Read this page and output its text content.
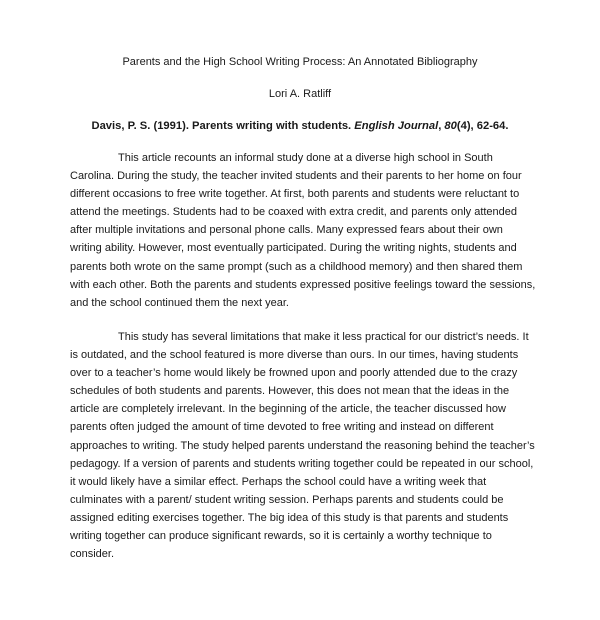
Parents and the High School Writing Process: An Annotated Bibliography
Lori A. Ratliff
Davis, P. S. (1991). Parents writing with students. English Journal, 80(4), 62-64.

This article recounts an informal study done at a diverse high school in South
Carolina. During the study, the teacher invited students and their parents to her home on four
different occasions to free write together. At first, both parents and students were reluctant to
attend the meetings. Students had to be coaxed with extra credit, and parents only attended
after multiple invitations and personal phone calls. Many expressed fears about their own
writing ability. However, most eventually participated. During the writing nights, students and
parents both wrote on the same prompt (such as a childhood memory) and then shared them
with each other. Both the parents and students expressed positive feelings toward the sessions,
and the school continued them the next year.

This study has several limitations that make it less practical for our district’s needs. It
is outdated, and the school featured is more diverse than ours. In our times, having students
over to a teacher’s home would likely be frowned upon and poorly attended due to the crazy
schedules of both students and parents. However, this does not mean that the ideas in the
article are completely irrelevant. In the beginning of the article, the teacher discussed how
parents often judged the amount of time devoted to free writing and instead on different
approaches to writing. The study helped parents understand the reasoning behind the teacher’s
pedagogy. If a version of parents and students writing together could be repeated in our school,
it would likely have a similar effect. Perhaps the school could have a writing week that
culminates with a parent/ student writing session. Perhaps parents and students could be
assigned editing exercises together. The big idea of this study is that parents and students
writing together can produce significant rewards, so it is certainly a worthy technique to
consider.
